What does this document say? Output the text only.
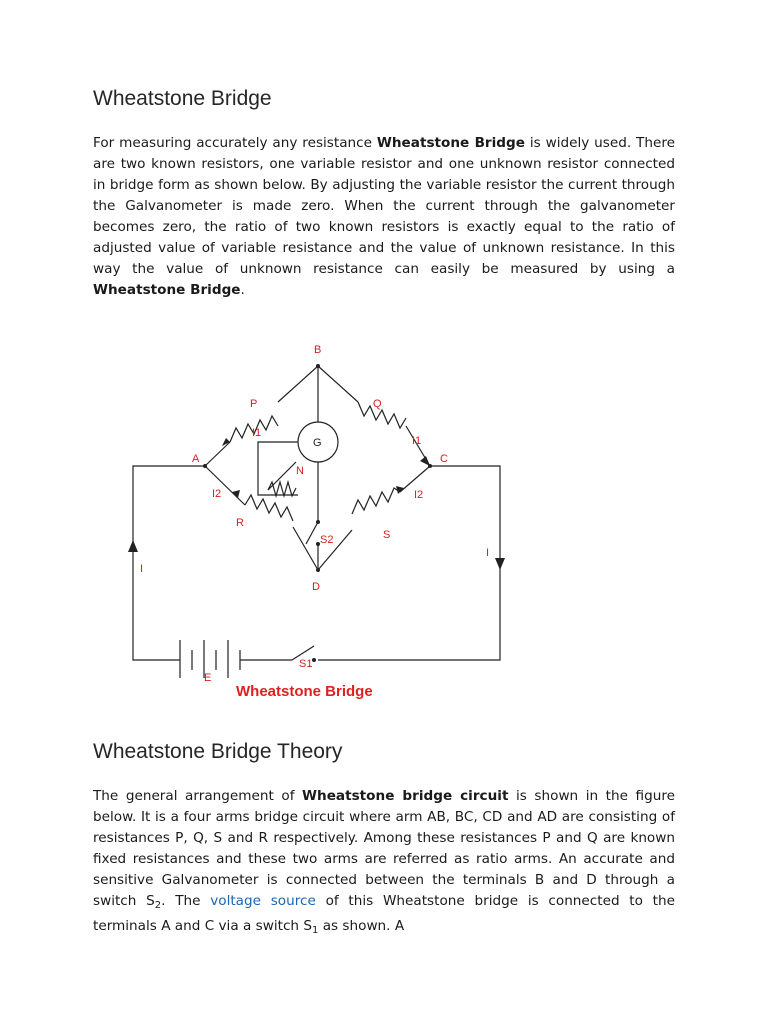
Wheatstone Bridge

For measuring accurately any resistance Wheatstone Bridge is widely used. There are two known resistors, one variable resistor and one unknown resistor connected in bridge form as shown below. By adjusting the variable resistor the current through the Galvanometer is made zero. When the current through the galvanometer becomes zero, the ratio of two known resistors is exactly equal to the ratio of adjusted value of variable resistance and the value of unknown resistance. In this way the value of unknown resistance can easily be measured by using a Wheatstone Bridge.

B
P	Q
G
N
A	C
I1
I1
I2	I2
R
S
S2
D
I
I
S1
E
Wheatstone Bridge
Wheatstone Bridge Theory

The general arrangement of Wheatstone bridge circuit is shown in the figure below. It is a four arms bridge circuit where arm AB, BC, CD and AD are consisting of resistances P, Q, S and R respectively. Among these resistances P and Q are known fixed resistances and these two arms are referred as ratio arms. An accurate and sensitive Galvanometer is connected between the terminals B and D through a switch $S_2$. The voltage source of this Wheatstone bridge is connected to the terminals A and C via a switch $S_1$ as shown. A
